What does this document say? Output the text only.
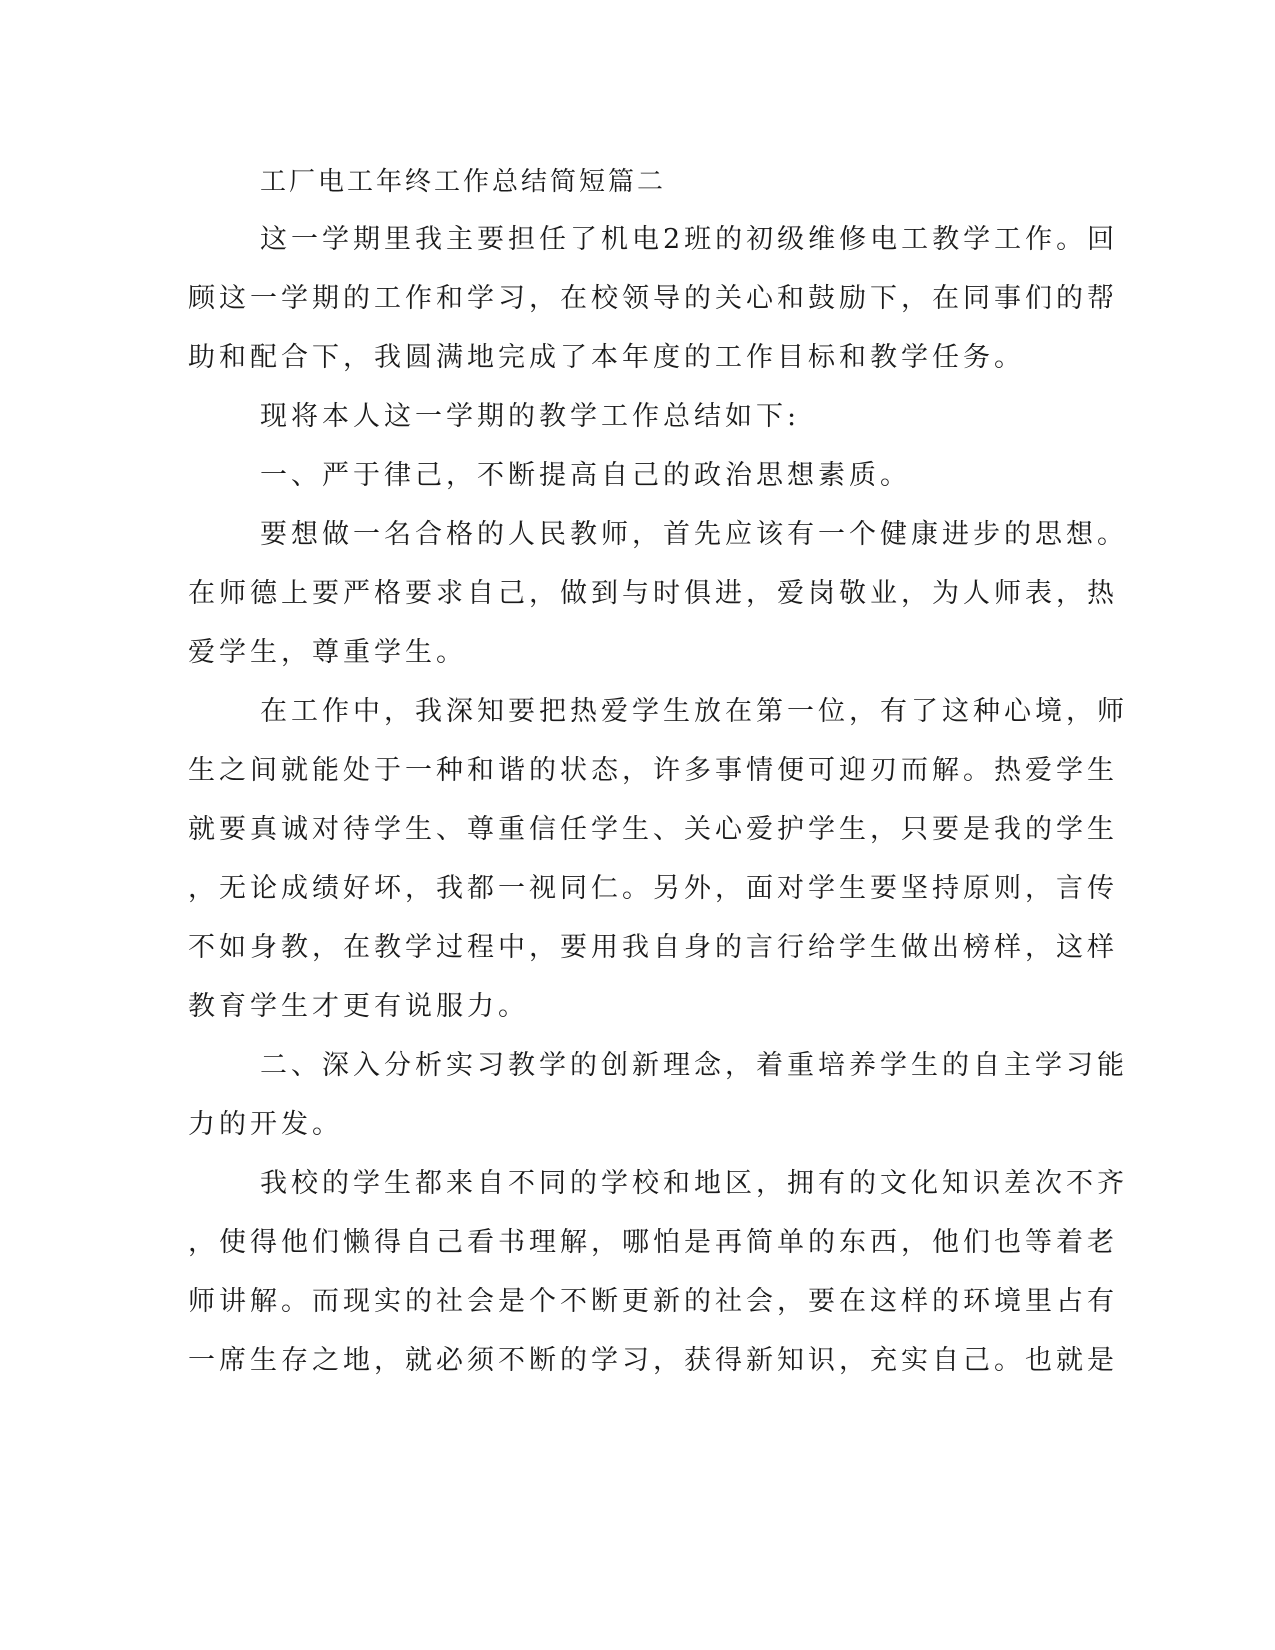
工厂电工年终工作总结简短篇二
这一学期里我主要担任了机电2班的初级维修电工教学工作。回
顾这一学期的工作和学习，在校领导的关心和鼓励下，在同事们的帮
助和配合下，我圆满地完成了本年度的工作目标和教学任务。
现将本人这一学期的教学工作总结如下:
一、严于律己，不断提高自己的政治思想素质。
要想做一名合格的人民教师，首先应该有一个健康进步的思想。
在师德上要严格要求自己，做到与时俱进，爱岗敬业，为人师表，热
爱学生，尊重学生。
在工作中，我深知要把热爱学生放在第一位，有了这种心境，师
生之间就能处于一种和谐的状态，许多事情便可迎刃而解。热爱学生
就要真诚对待学生、尊重信任学生、关心爱护学生，只要是我的学生
，无论成绩好坏，我都一视同仁。另外，面对学生要坚持原则，言传
不如身教，在教学过程中，要用我自身的言行给学生做出榜样，这样
教育学生才更有说服力。
二、深入分析实习教学的创新理念，着重培养学生的自主学习能
力的开发。
我校的学生都来自不同的学校和地区，拥有的文化知识差次不齐
，使得他们懒得自己看书理解，哪怕是再简单的东西，他们也等着老
师讲解。而现实的社会是个不断更新的社会，要在这样的环境里占有
一席生存之地，就必须不断的学习，获得新知识，充实自己。也就是
